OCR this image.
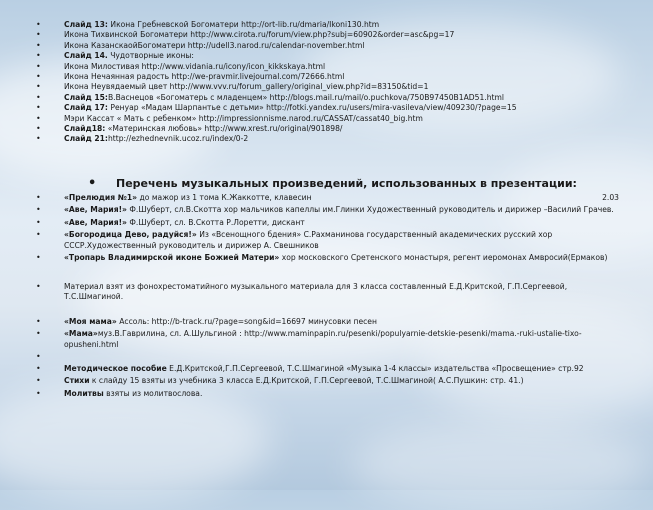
• Слайд 13: Икона Гребневской Богоматери http://ort-lib.ru/dmaria/Ikoni130.htm
• Икона Тихвинской Богоматери http://www.cirota.ru/forum/view.php?subj=60902&order=asc&pg=17
• Икона КазанскаойБогоматери http://udell3.narod.ru/calendar-november.html
• Слайд 14. Чудотворные иконы:
• Икона Милостивая http://www.vidania.ru/icony/icon_kikkskaya.html
• Икона Нечаянная радость http://we-pravmir.livejournal.com/72666.html
• Икона Неувядаемый цвет http://www.vvv.ru/forum_gallery/original_view.php?id=83150&tid=1
• Слайд 15:В.Васнецов «Богоматерь с младенцем» http://blogs.mail.ru/mail/o.puchkova/750B97450B1AD51.html
• Слайд 17: Ренуар «Мадам Шарпантье с детьми» http://fotki.yandex.ru/users/mira-vasileva/view/409230/?page=15
• Мэри Кассат « Мать с ребенком» http://impressionnisme.narod.ru/CASSAT/cassat40_big.htm
• Слайд18: «Материнская любовь» http://www.xrest.ru/original/901898/
• Слайд 21:http://ezhednevnik.ucoz.ru/index/0-2
• Перечень музыкальных произведений, использованных в презентации:
• «Прелюдия №1» до мажор из 1 тома К.Жаккотте, клавесин	2.03
• «Аве, Мария!» Ф.Шуберт, сл.В.Скотта хор мальчиков капеллы им.Глинки Художественный руководитель и дирижер –Василий Грачев.
• «Аве, Мария!» Ф.Шуберт, сл. В.Скотта Р.Лоретти, дискант
• «Богородица Дево, радуйся!» Из «Всенощного бдения» С.Рахманинова государственный академических русский хор СССР.Художественный руководитель и дирижер А. Свешников
• «Тропарь Владимирской иконе Божией Матери» хор московского Сретенского монастыря, регент иеромонах Амвросий(Ермаков)
• Материал взят из фонохрестоматийного музыкального материала для 3 класса составленный Е.Д.Критской, Г.П.Сергеевой, Т.С.Шмагиной.
• «Моя мама» Ассоль: http://b-track.ru/?page=song&id=16697 минусовки песен
• «Мама»муз.В.Гаврилина, сл. А.Шульгиной : http://www.maminpapin.ru/pesenki/populyarnie-detskie-pesenki/mama.-ruki-ustalie-tixo-opusheni.html
•
• Методическое пособие Е.Д.Критской,Г.П.Сергеевой, Т.С.Шмагиной «Музыка 1-4 классы» издательства «Просвещение» стр.92
• Стихи к слайду 15 взяты из учебника 3 класса Е.Д.Критской, Г.П.Сергеевой, Т.С.Шмагиной( А.С.Пушкин: стр. 41.)
• Молитвы взяты из молитвослова.
